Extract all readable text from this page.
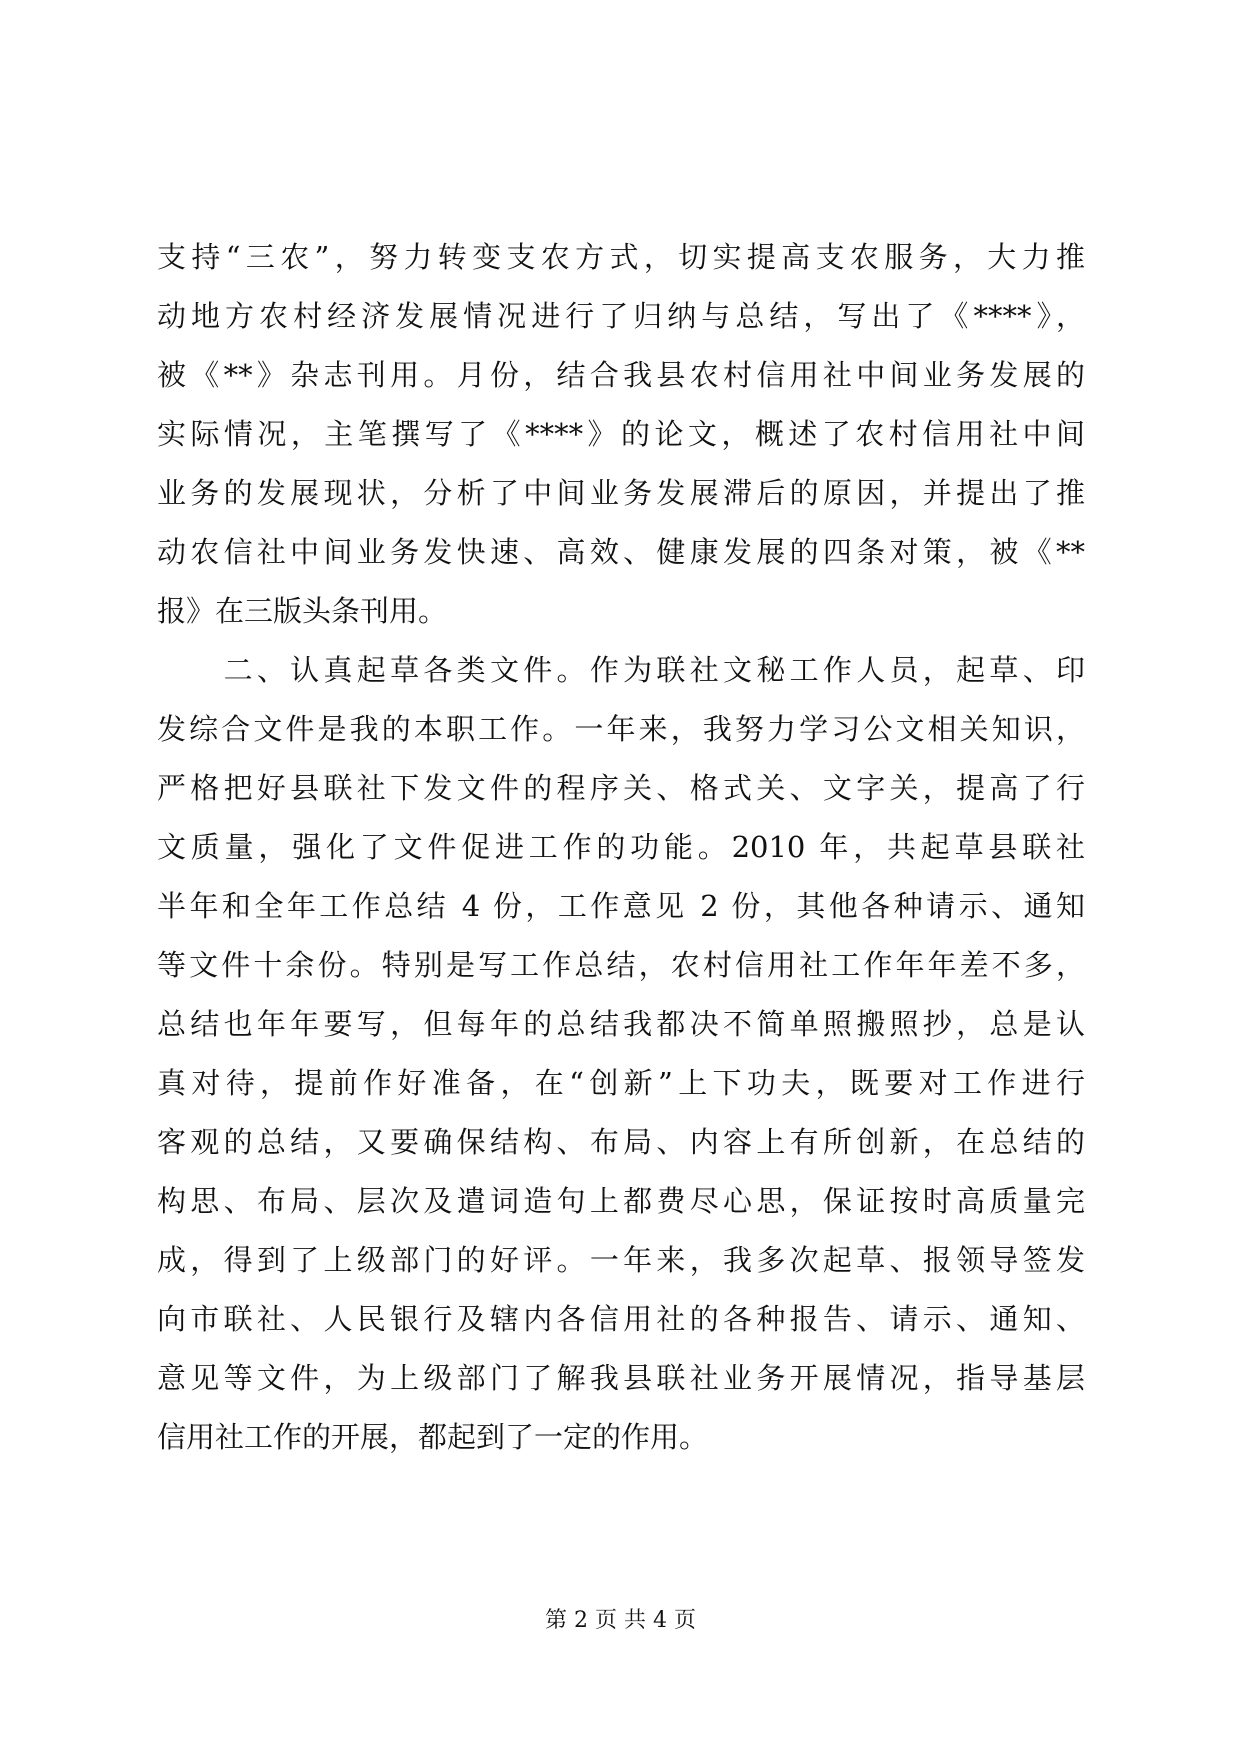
支持“三农”，努力转变支农方式，切实提高支农服务，大力推
动地方农村经济发展情况进行了归纳与总结，写出了《****》，
被《**》杂志刊用。月份，结合我县农村信用社中间业务发展的
实际情况，主笔撰写了《****》的论文，概述了农村信用社中间
业务的发展现状，分析了中间业务发展滞后的原因，并提出了推
动农信社中间业务发快速、高效、健康发展的四条对策，被《**
报》在三版头条刊用。
　　二、认真起草各类文件。作为联社文秘工作人员，起草、印
发综合文件是我的本职工作。一年来，我努力学习公文相关知识，
严格把好县联社下发文件的程序关、格式关、文字关，提高了行
文质量，强化了文件促进工作的功能。2010 年，共起草县联社
半年和全年工作总结 4 份，工作意见 2 份，其他各种请示、通知
等文件十余份。特别是写工作总结，农村信用社工作年年差不多，
总结也年年要写，但每年的总结我都决不简单照搬照抄，总是认
真对待，提前作好准备，在“创新”上下功夫，既要对工作进行
客观的总结，又要确保结构、布局、内容上有所创新，在总结的
构思、布局、层次及遣词造句上都费尽心思，保证按时高质量完
成，得到了上级部门的好评。一年来，我多次起草、报领导签发
向市联社、人民银行及辖内各信用社的各种报告、请示、通知、
意见等文件，为上级部门了解我县联社业务开展情况，指导基层
信用社工作的开展，都起到了一定的作用。
第 2 页 共 4 页
